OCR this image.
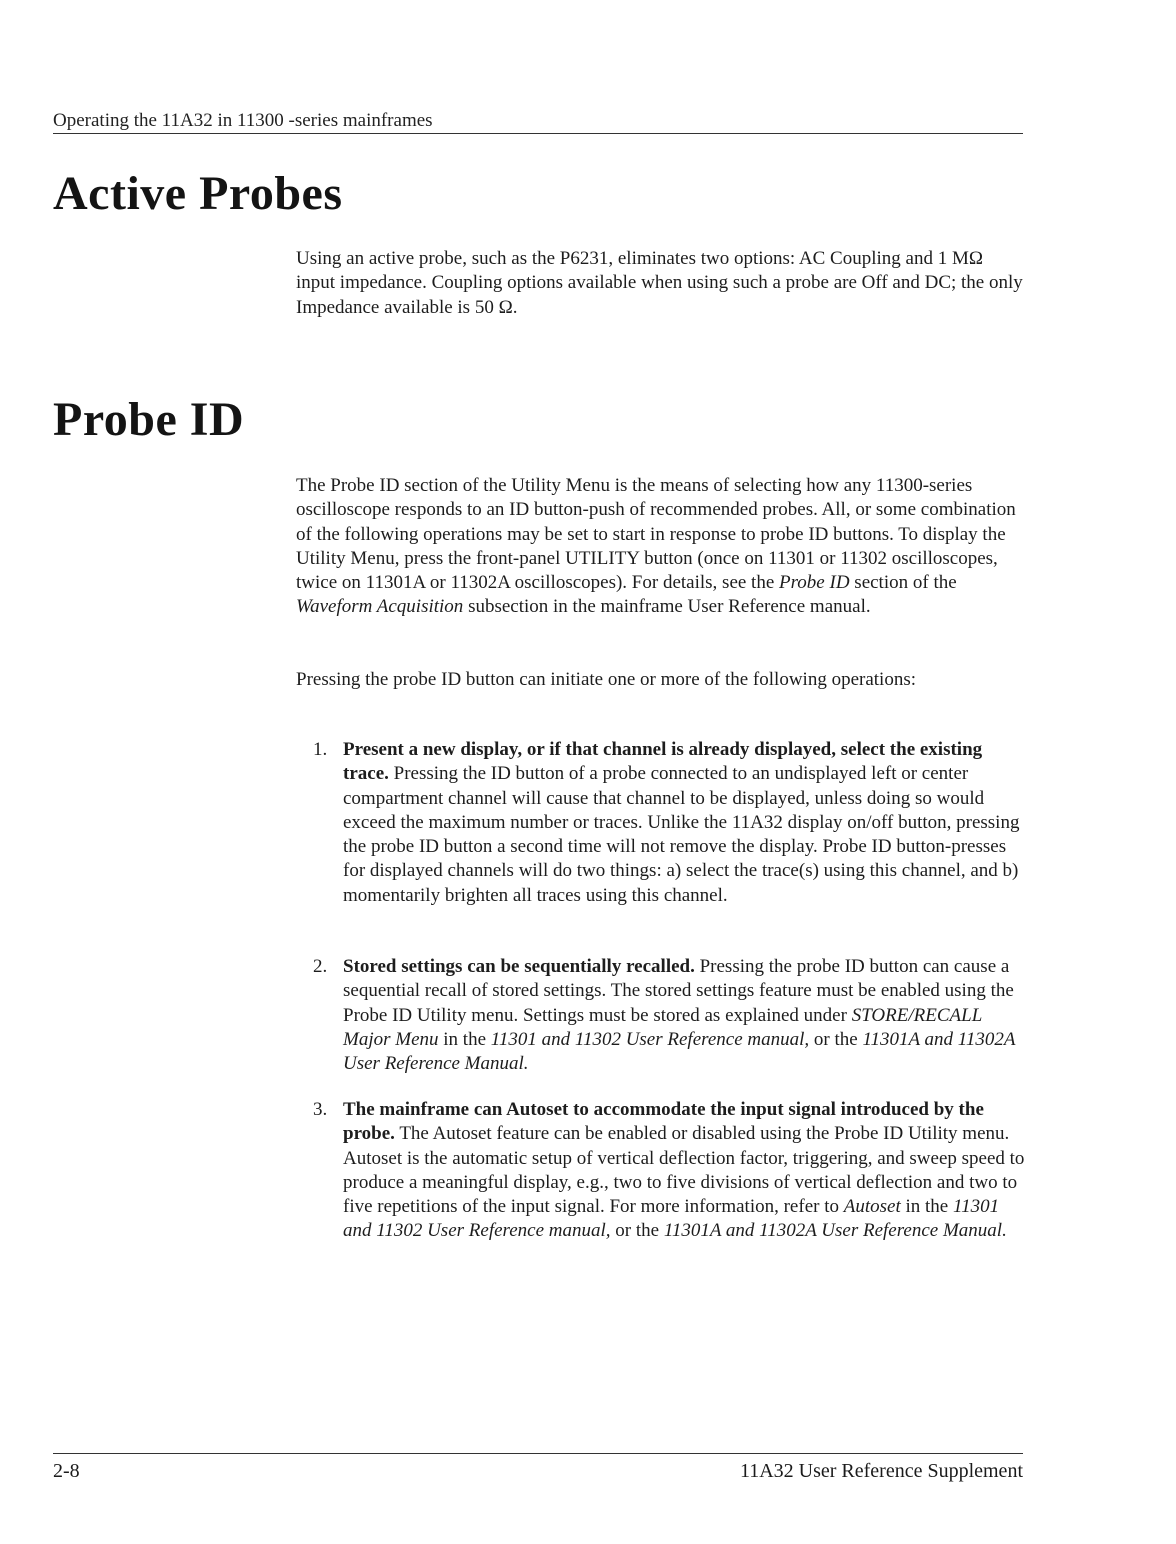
Operating the 11A32 in 11300 -series mainframes
Active Probes

Using an active probe, such as the P6231, eliminates two options: AC Coupling and 1 MΩ input impedance. Coupling options available when using such a probe are Off and DC; the only Impedance available is 50 Ω.

Probe ID

The Probe ID section of the Utility Menu is the means of selecting how any 11300-series oscilloscope responds to an ID button-push of recommended probes. All, or some combination of the following operations may be set to start in response to probe ID buttons. To display the Utility Menu, press the front-panel UTILITY button (once on 11301 or 11302 oscilloscopes, twice on 11301A or 11302A oscilloscopes). For details, see the Probe ID section of the Waveform Acquisition subsection in the mainframe User Reference manual.

Pressing the probe ID button can initiate one or more of the following operations:

1. Present a new display, or if that channel is already displayed, select the existing trace. Pressing the ID button of a probe connected to an undisplayed left or center compartment channel will cause that channel to be displayed, unless doing so would exceed the maximum number or traces. Unlike the 11A32 display on/off button, pressing the probe ID button a second time will not remove the display. Probe ID button-presses for displayed channels will do two things: a) select the trace(s) using this channel, and b) momentarily brighten all traces using this channel.
2. Stored settings can be sequentially recalled. Pressing the probe ID button can cause a sequential recall of stored settings. The stored settings feature must be enabled using the Probe ID Utility menu. Settings must be stored as explained under STORE/RECALL Major Menu in the 11301 and 11302 User Reference manual, or the 11301A and 11302A User Reference Manual.
3. The mainframe can Autoset to accommodate the input signal introduced by the probe. The Autoset feature can be enabled or disabled using the Probe ID Utility menu. Autoset is the automatic setup of vertical deflection factor, triggering, and sweep speed to produce a meaningful display, e.g., two to five divisions of vertical deflection and two to five repetitions of the input signal. For more information, refer to Autoset in the 11301 and 11302 User Reference manual, or the 11301A and 11302A User Reference Manual.
2-8	11A32 User Reference Supplement
